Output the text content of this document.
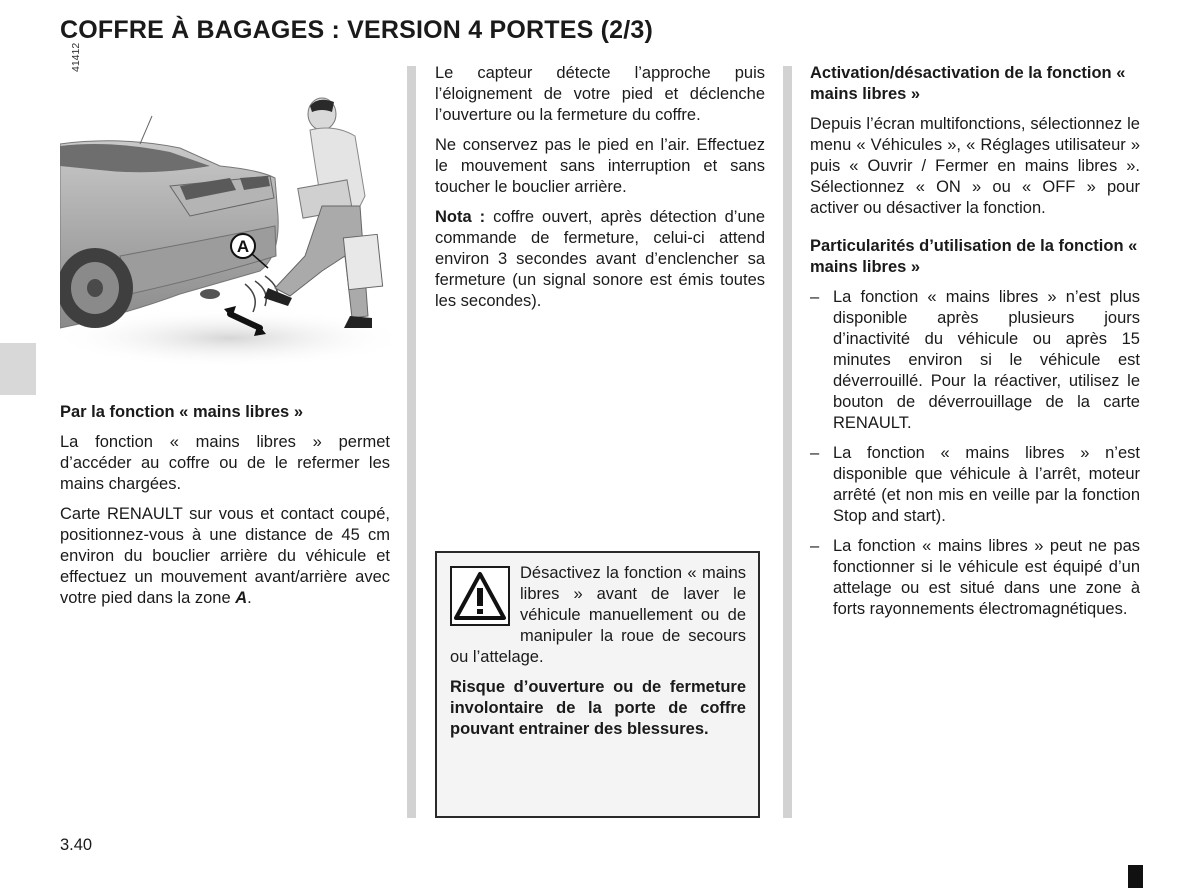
COFFRE À BAGAGES : VERSION 4 PORTES (2/3)
A
41412
Par la fonction « mains libres »

La fonction « mains libres » permet d’accéder au coffre ou de le refermer les mains chargées.

Carte RENAULT sur vous et contact coupé, positionnez-vous à une distance de 45 cm environ du bouclier arrière du véhicule et effectuez un mouvement avant/arrière avec votre pied dans la zone A.

Le capteur détecte l’approche puis l’éloignement de votre pied et déclenche l’ouverture ou la fermeture du coffre.

Ne conservez pas le pied en l’air. Effectuez le mouvement sans interruption et sans toucher le bouclier arrière.

Nota : coffre ouvert, après détection d’une commande de fermeture, celui-ci attend environ 3 secondes avant d’enclencher sa fermeture (un signal sonore est émis toutes les secondes).

Désactivez la fonction « mains libres » avant de laver le véhicule manuellement ou de manipuler la roue de secours ou l’attelage.

Risque d’ouverture ou de fermeture involontaire de la porte de coffre pouvant entrainer des blessures.

Activation/désactivation de la fonction « mains libres »

Depuis l’écran multifonctions, sélectionnez le menu « Véhicules », « Réglages utilisateur » puis « Ouvrir / Fermer en mains libres ». Sélectionnez « ON » ou « OFF » pour activer ou désactiver la fonction.

Particularités d’utilisation de la fonction « mains libres »
– La fonction « mains libres » n’est plus disponible après plusieurs jours d’inactivité du véhicule ou après 15 minutes environ si le véhicule est déverrouillé. Pour la réactiver, utilisez le bouton de déverrouillage de la carte RENAULT.
– La fonction « mains libres » n’est disponible que véhicule à l’arrêt, moteur arrêté (et non mis en veille par la fonction Stop and start).
– La fonction « mains libres » peut ne pas fonctionner si le véhicule est équipé d’un attelage ou est situé dans une zone à forts rayonnements électromagnétiques.
3.40
